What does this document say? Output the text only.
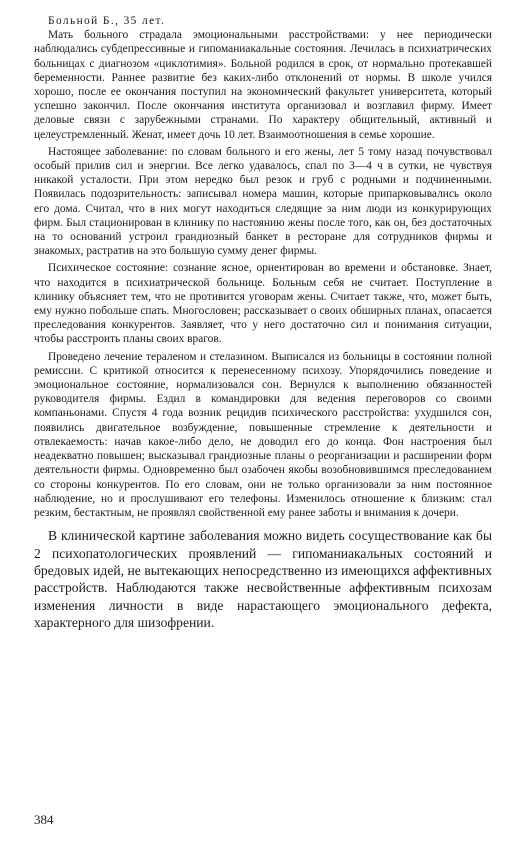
Больной Б., 35 лет.

Мать больного страдала эмоциональными расстройствами: у нее периодически наблюдались субдепрессивные и гипоманиакальные состояния. Лечилась в психиатрических больницах с диагнозом «циклотимия». Больной родился в срок, от нормально протекавшей беременности. Раннее развитие без каких-либо отклонений от нормы. В школе учился хорошо, после ее окончания поступил на экономический факультет университета, который успешно закончил. После окончания института организовал и возглавил фирму. Имеет деловые связи с зарубежными странами. По характеру общительный, активный и целеустремленный. Женат, имеет дочь 10 лет. Взаимоотношения в семье хорошие.

Настоящее заболевание: по словам больного и его жены, лет 5 тому назад почувствовал особый прилив сил и энергии. Все легко удавалось, спал по 3—4 ч в сутки, не чувствуя никакой усталости. При этом нередко был резок и груб с родными и подчиненными. Появилась подозрительность: записывал номера машин, которые припарковывались около его дома. Считал, что в них могут находиться следящие за ним люди из конкурирующих фирм. Был стационирован в клинику по настоянию жены после того, как он, без достаточных на то оснований устроил грандиозный банкет в ресторане для сотрудников фирмы и знакомых, растратив на это большую сумму денег фирмы.

Психическое состояние: сознание ясное, ориентирован во времени и обстановке. Знает, что находится в психиатрической больнице. Больным себя не считает. Поступление в клинику объясняет тем, что не противится уговорам жены. Считает также, что, может быть, ему нужно побольше спать. Многословен; рассказывает о своих обширных планах, опасается преследования конкурентов. Заявляет, что у него достаточно сил и понимания ситуации, чтобы расстроить планы своих врагов.

Проведено лечение тераленом и стелазином. Выписался из больницы в состоянии полной ремиссии. С критикой относится к перенесенному психозу. Упорядочились поведение и эмоциональное состояние, нормализовался сон. Вернулся к выполнению обязанностей руководителя фирмы. Ездил в командировки для ведения переговоров со своими компаньонами. Спустя 4 года возник рецидив психического расстройства: ухудшился сон, появились двигательное возбуждение, повышенные стремление к деятельности и отвлекаемость: начав какое-либо дело, не доводил его до конца. Фон настроения был неадекватно повышен; высказывал грандиозные планы о реорганизации и расширении форм деятельности фирмы. Одновременно был озабочен якобы возобновившимся преследованием со стороны конкурентов. По его словам, они не только организовали за ним постоянное наблюдение, но и прослушивают его телефоны. Изменилось отношение к близким: стал резким, бестактным, не проявлял свойственной ему ранее заботы и внимания к дочери.

В клинической картине заболевания можно видеть сосуществование как бы 2 психопатологических проявлений — гипоманиакальных состояний и бредовых идей, не вытекающих непосредственно из имеющихся аффективных расстройств. Наблюдаются также несвойственные аффективным психозам изменения личности в виде нарастающего эмоционального дефекта, характерного для шизофрении.

384
